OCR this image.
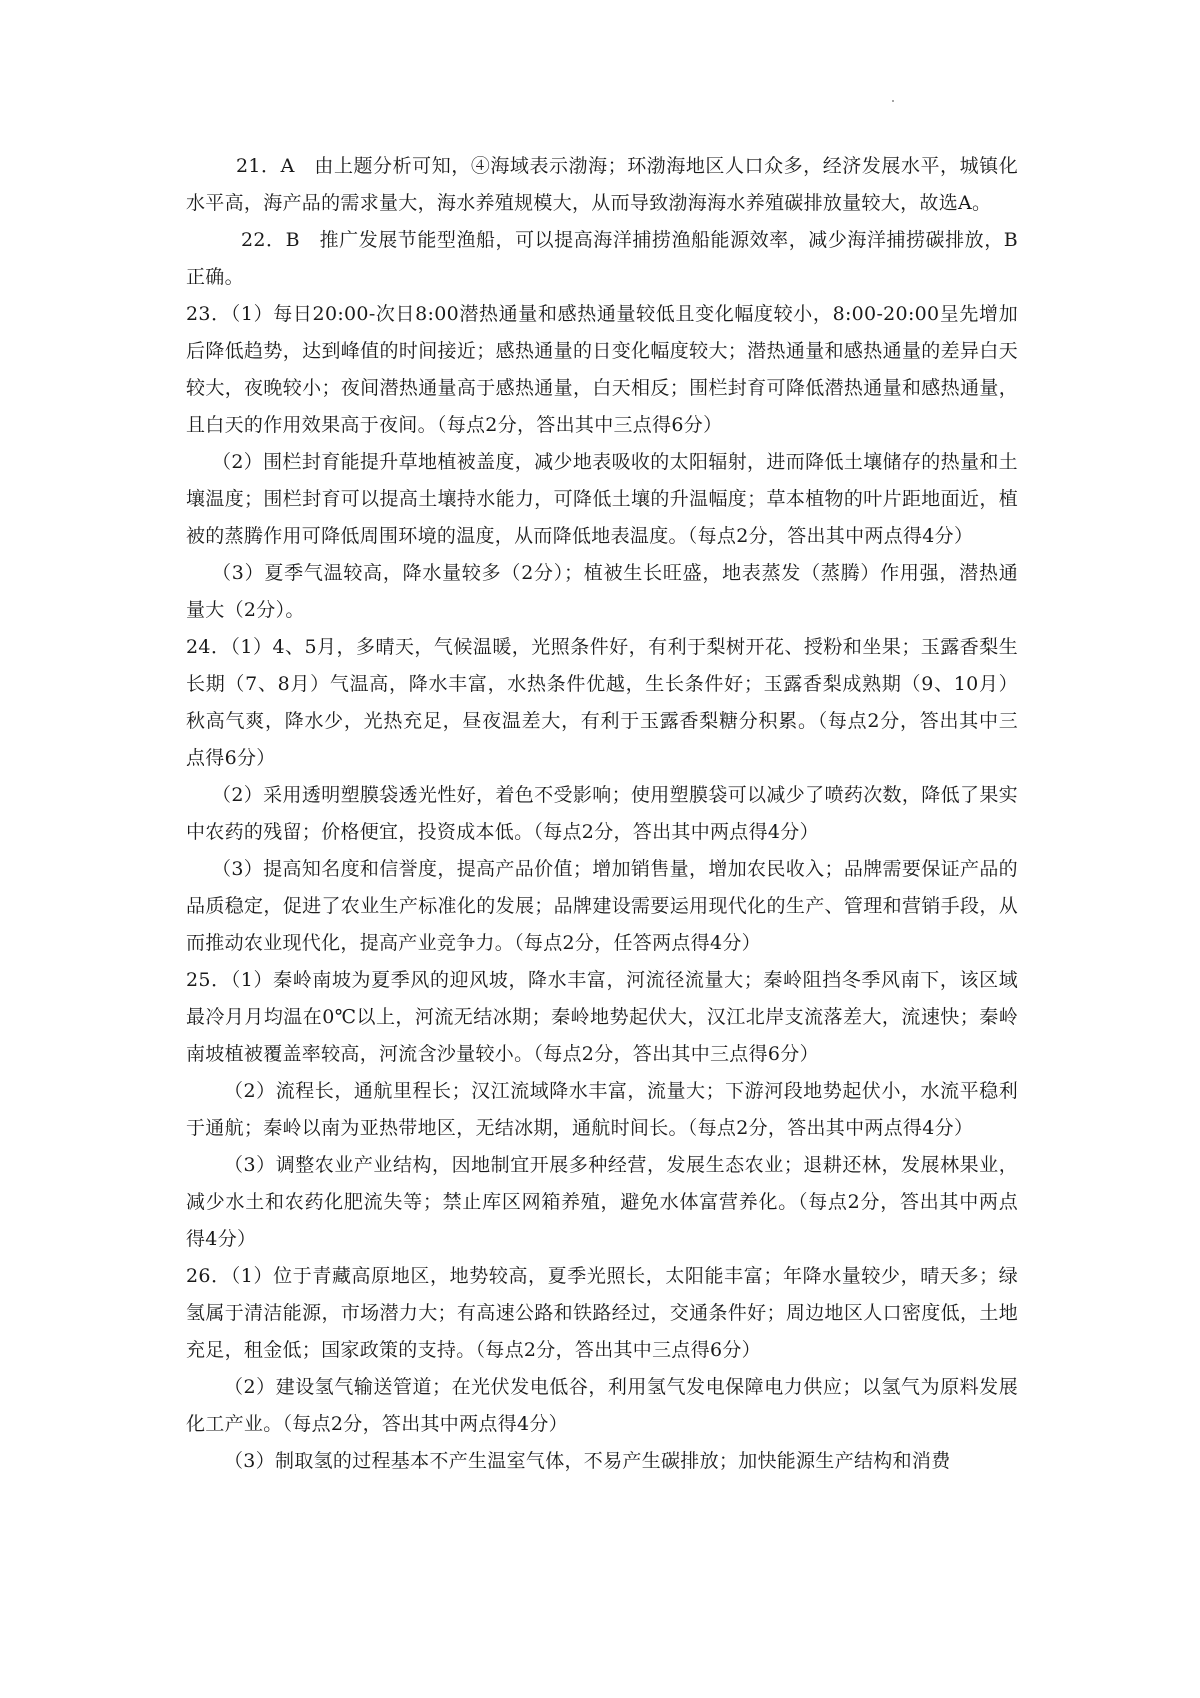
21．A　由上题分析可知，④海域表示渤海；环渤海地区人口众多，经济发展水平，城镇化水平高，海产品的需求量大，海水养殖规模大，从而导致渤海海水养殖碳排放量较大，故选A。

22．B　推广发展节能型渔船，可以提高海洋捕捞渔船能源效率，减少海洋捕捞碳排放，B正确。

23．（1）每日20:00-次日8:00潜热通量和感热通量较低且变化幅度较小，8:00-20:00呈先增加后降低趋势，达到峰值的时间接近；感热通量的日变化幅度较大；潜热通量和感热通量的差异白天较大，夜晚较小；夜间潜热通量高于感热通量，白天相反；围栏封育可降低潜热通量和感热通量，且白天的作用效果高于夜间。（每点2分，答出其中三点得6分）

（2）围栏封育能提升草地植被盖度，减少地表吸收的太阳辐射，进而降低土壤储存的热量和土壤温度；围栏封育可以提高土壤持水能力，可降低土壤的升温幅度；草本植物的叶片距地面近，植被的蒸腾作用可降低周围环境的温度，从而降低地表温度。（每点2分，答出其中两点得4分）

（3）夏季气温较高，降水量较多（2分）；植被生长旺盛，地表蒸发（蒸腾）作用强，潜热通量大（2分）。

24．（1）4、5月，多晴天，气候温暖，光照条件好，有利于梨树开花、授粉和坐果；玉露香梨生长期（7、8月）气温高，降水丰富，水热条件优越，生长条件好；玉露香梨成熟期（9、10月）秋高气爽，降水少，光热充足，昼夜温差大，有利于玉露香梨糖分积累。（每点2分，答出其中三点得6分）

（2）采用透明塑膜袋透光性好，着色不受影响；使用塑膜袋可以减少了喷药次数，降低了果实中农药的残留；价格便宜，投资成本低。（每点2分，答出其中两点得4分）

（3）提高知名度和信誉度，提高产品价值；增加销售量，增加农民收入；品牌需要保证产品的品质稳定，促进了农业生产标准化的发展；品牌建设需要运用现代化的生产、管理和营销手段，从而推动农业现代化，提高产业竞争力。（每点2分，任答两点得4分）

25．（1）秦岭南坡为夏季风的迎风坡，降水丰富，河流径流量大；秦岭阻挡冬季风南下，该区域最冷月月均温在0℃以上，河流无结冰期；秦岭地势起伏大，汉江北岸支流落差大，流速快；秦岭南坡植被覆盖率较高，河流含沙量较小。（每点2分，答出其中三点得6分）

（2）流程长，通航里程长；汉江流域降水丰富，流量大；下游河段地势起伏小，水流平稳利于通航；秦岭以南为亚热带地区，无结冰期，通航时间长。（每点2分，答出其中两点得4分）

（3）调整农业产业结构，因地制宜开展多种经营，发展生态农业；退耕还林，发展林果业，减少水土和农药化肥流失等；禁止库区网箱养殖，避免水体富营养化。（每点2分，答出其中两点得4分）

26．（1）位于青藏高原地区，地势较高，夏季光照长，太阳能丰富；年降水量较少，晴天多；绿氢属于清洁能源，市场潜力大；有高速公路和铁路经过，交通条件好；周边地区人口密度低，土地充足，租金低；国家政策的支持。（每点2分，答出其中三点得6分）

（2）建设氢气输送管道；在光伏发电低谷，利用氢气发电保障电力供应；以氢气为原料发展化工产业。（每点2分，答出其中两点得4分）

（3）制取氢的过程基本不产生温室气体，不易产生碳排放；加快能源生产结构和消费
